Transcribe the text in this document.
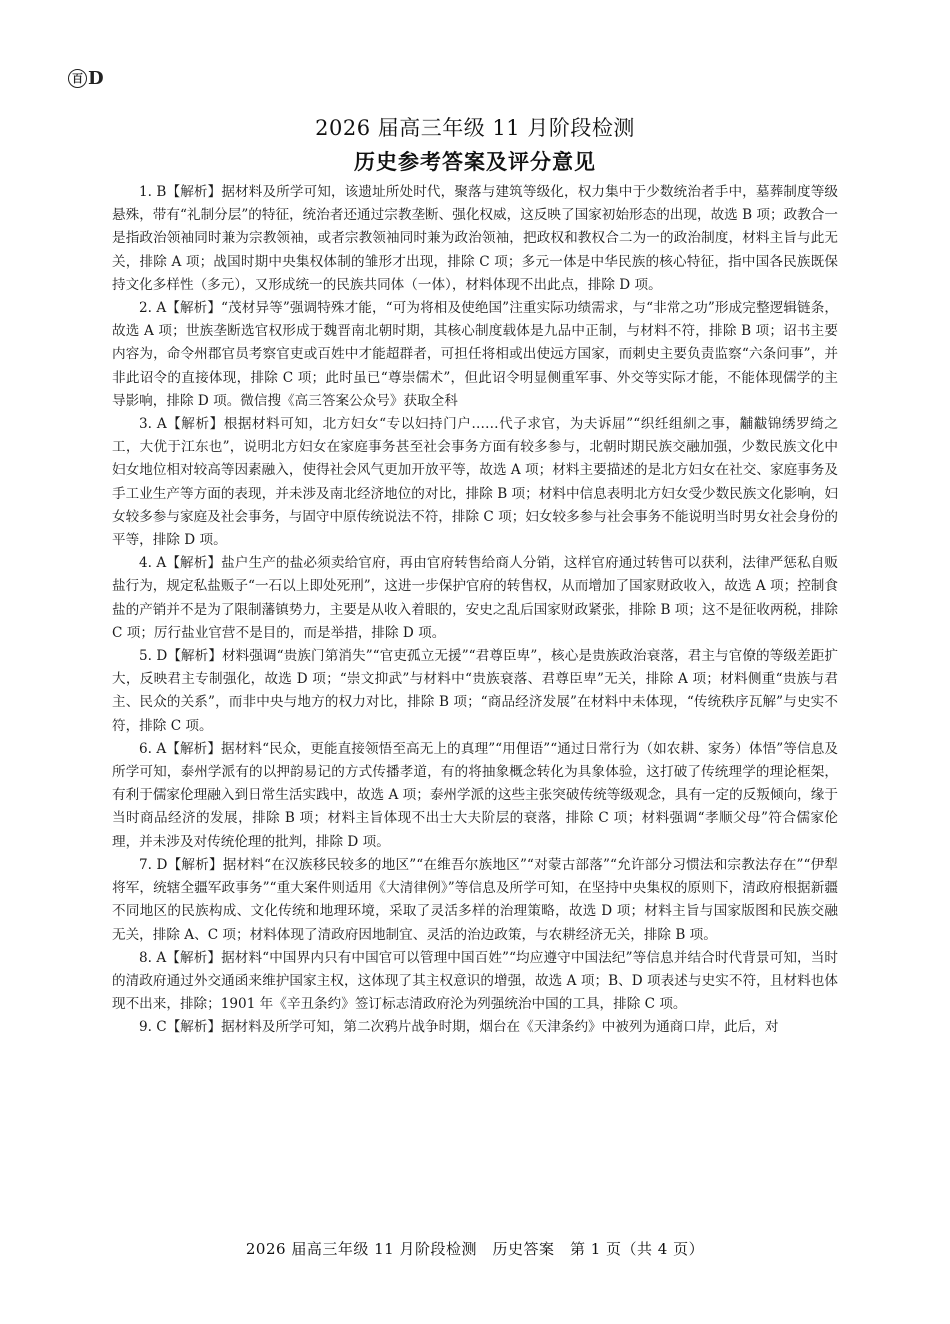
百 D
2026 届高三年级 11 月阶段检测
历史参考答案及评分意见

1. B【解析】据材料及所学可知，该遗址所处时代，聚落与建筑等级化，权力集中于少数统治者手中，墓葬制度等级悬殊，带有“礼制分层”的特征，统治者还通过宗教垄断、强化权威，这反映了国家初始形态的出现，故选 B 项；政教合一是指政治领袖同时兼为宗教领袖，或者宗教领袖同时兼为政治领袖，把政权和教权合二为一的政治制度，材料主旨与此无关，排除 A 项；战国时期中央集权体制的雏形才出现，排除 C 项；多元一体是中华民族的核心特征，指中国各民族既保持文化多样性（多元），又形成统一的民族共同体（一体），材料体现不出此点，排除 D 项。

2. A【解析】“茂材异等”强调特殊才能，“可为将相及使绝国”注重实际功绩需求，与“非常之功”形成完整逻辑链条，故选 A 项；世族垄断选官权形成于魏晋南北朝时期，其核心制度载体是九品中正制，与材料不符，排除 B 项；诏书主要内容为，命令州郡官员考察官吏或百姓中才能超群者，可担任将相或出使远方国家，而刺史主要负责监察“六条问事”，并非此诏令的直接体现，排除 C 项；此时虽已“尊崇儒术”，但此诏令明显侧重军事、外交等实际才能，不能体现儒学的主导影响，排除 D 项。微信搜《高三答案公众号》获取全科

3. A【解析】根据材料可知，北方妇女“专以妇持门户……代子求官，为夫诉屈”“织纴组紃之事，黼黻锦绣罗绮之工，大优于江东也”，说明北方妇女在家庭事务甚至社会事务方面有较多参与，北朝时期民族交融加强，少数民族文化中妇女地位相对较高等因素融入，使得社会风气更加开放平等，故选 A 项；材料主要描述的是北方妇女在社交、家庭事务及手工业生产等方面的表现，并未涉及南北经济地位的对比，排除 B 项；材料中信息表明北方妇女受少数民族文化影响，妇女较多参与家庭及社会事务，与固守中原传统说法不符，排除 C 项；妇女较多参与社会事务不能说明当时男女社会身份的平等，排除 D 项。

4. A【解析】盐户生产的盐必须卖给官府，再由官府转售给商人分销，这样官府通过转售可以获利，法律严惩私自贩盐行为，规定私盐贩子“一石以上即处死刑”，这进一步保护官府的转售权，从而增加了国家财政收入，故选 A 项；控制食盐的产销并不是为了限制藩镇势力，主要是从收入着眼的，安史之乱后国家财政紧张，排除 B 项；这不是征收两税，排除 C 项；厉行盐业官营不是目的，而是举措，排除 D 项。

5. D【解析】材料强调“贵族门第消失”“官吏孤立无援”“君尊臣卑”，核心是贵族政治衰落，君主与官僚的等级差距扩大，反映君主专制强化，故选 D 项；“崇文抑武”与材料中“贵族衰落、君尊臣卑”无关，排除 A 项；材料侧重“贵族与君主、民众的关系”，而非中央与地方的权力对比，排除 B 项；“商品经济发展”在材料中未体现，“传统秩序瓦解”与史实不符，排除 C 项。

6. A【解析】据材料“民众，更能直接领悟至高无上的真理”“用俚语”“通过日常行为（如农耕、家务）体悟”等信息及所学可知，泰州学派有的以押韵易记的方式传播孝道，有的将抽象概念转化为具象体验，这打破了传统理学的理论框架，有利于儒家伦理融入到日常生活实践中，故选 A 项；泰州学派的这些主张突破传统等级观念，具有一定的反叛倾向，缘于当时商品经济的发展，排除 B 项；材料主旨体现不出士大夫阶层的衰落，排除 C 项；材料强调“孝顺父母”符合儒家伦理，并未涉及对传统伦理的批判，排除 D 项。

7. D【解析】据材料“在汉族移民较多的地区”“在维吾尔族地区”“对蒙古部落”“允许部分习惯法和宗教法存在”“伊犁将军，统辖全疆军政事务”“重大案件则适用《大清律例》”等信息及所学可知，在坚持中央集权的原则下，清政府根据新疆不同地区的民族构成、文化传统和地理环境，采取了灵活多样的治理策略，故选 D 项；材料主旨与国家版图和民族交融无关，排除 A、C 项；材料体现了清政府因地制宜、灵活的治边政策，与农耕经济无关，排除 B 项。

8. A【解析】据材料“中国界内只有中国官可以管理中国百姓”“均应遵守中国法纪”等信息并结合时代背景可知，当时的清政府通过外交通函来维护国家主权，这体现了其主权意识的增强，故选 A 项；B、D 项表述与史实不符，且材料也体现不出来，排除；1901 年《辛丑条约》签订标志清政府沦为列强统治中国的工具，排除 C 项。

9. C【解析】据材料及所学可知，第二次鸦片战争时期，烟台在《天津条约》中被列为通商口岸，此后，对

2026 届高三年级 11 月阶段检测　历史答案　第 1 页（共 4 页）
